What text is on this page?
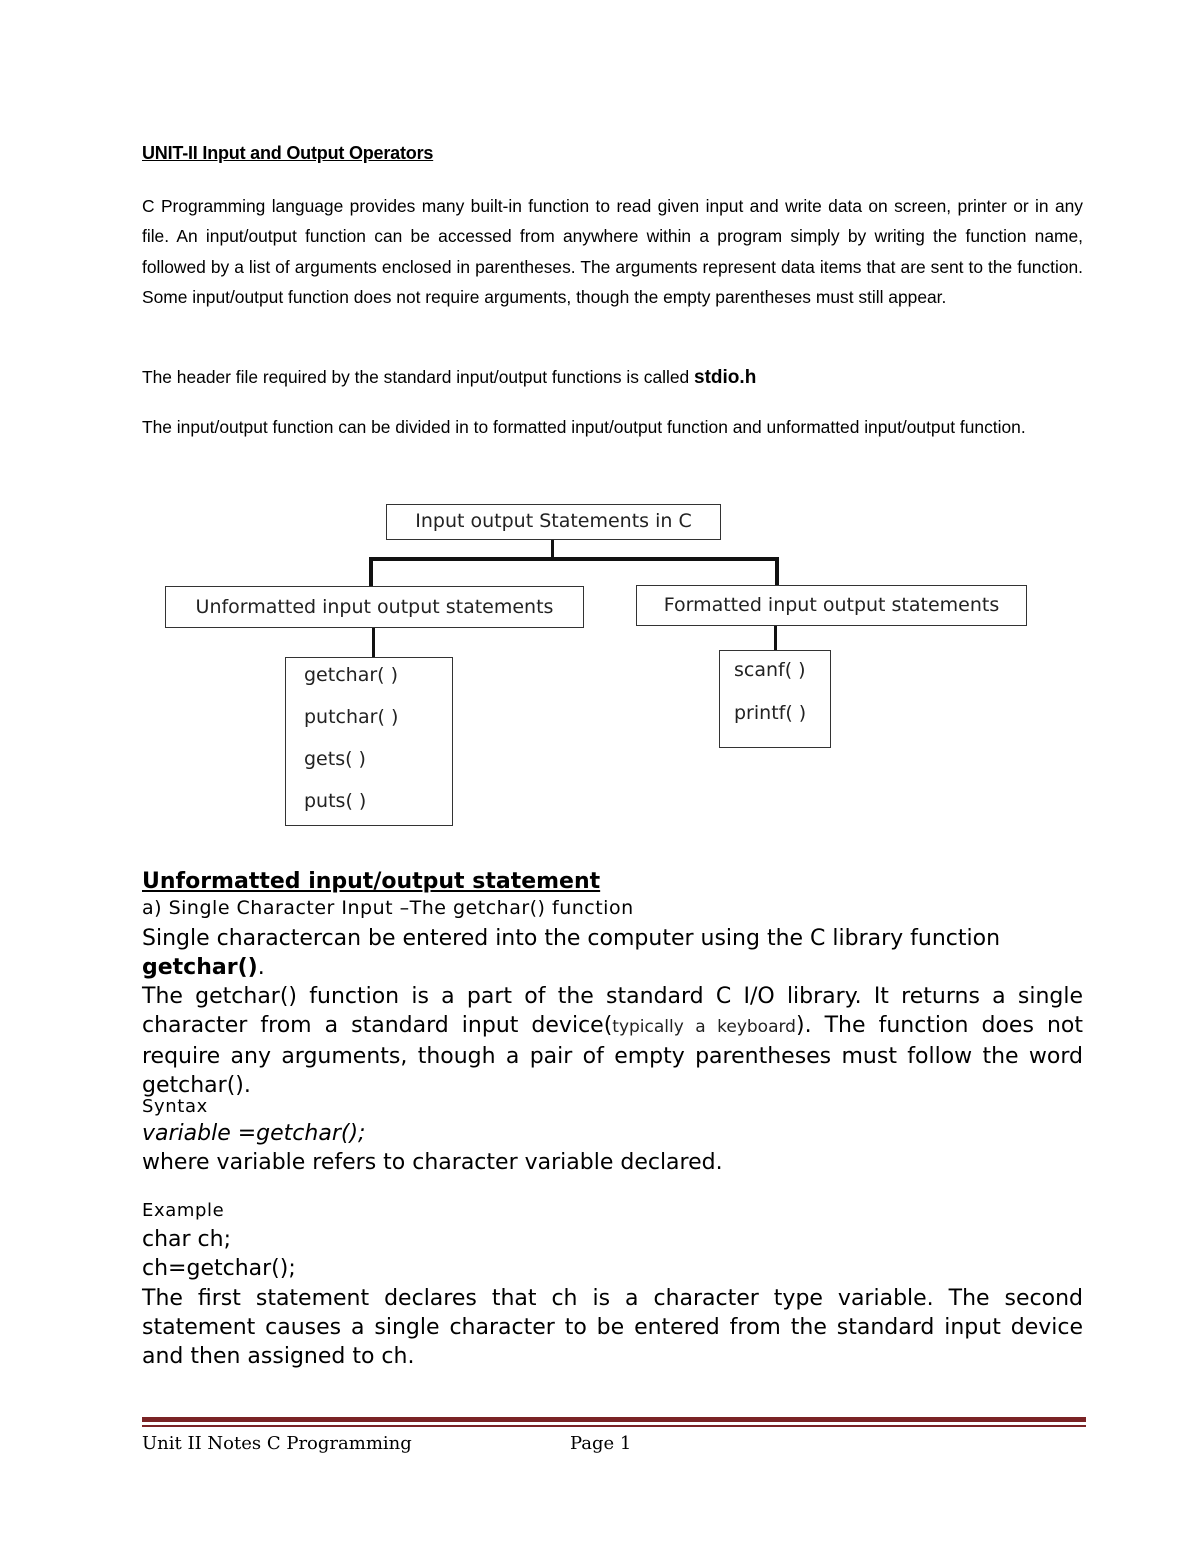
UNIT-II Input and Output Operators
C Programming language provides many built-in function to read given input and write data on screen, printer or in any file. An input/output function can be accessed from anywhere within a program simply by writing the function name, followed by a list of arguments enclosed in parentheses. The arguments represent data items that are sent to the function. Some input/output function does not require arguments, though the empty parentheses must still appear.
The header file required by the standard input/output functions is called stdio.h
The input/output function can be divided in to formatted input/output function and unformatted input/output function.
Input output Statements in C
Unformatted input output statements	Formatted input output statements
getchar( )
putchar( )
gets( )
puts( )
scanf( )
printf( )
Unformatted input/output statement
a) Single Character Input –The getchar() function
Single charactercan be entered into the computer using the C library function
getchar().
The getchar() function is a part of the standard C I/O library. It returns a single character from a standard input device(typically a keyboard). The function does not require any arguments, though a pair of empty parentheses must follow the word getchar().
Syntax
variable =getchar();
where variable refers to character variable declared.
Example
char ch;
ch=getchar();
The first statement declares that ch is a character type variable. The second statement causes a single character to be entered from the standard input device and then assigned to ch.
Unit II Notes C Programming	Page 1
